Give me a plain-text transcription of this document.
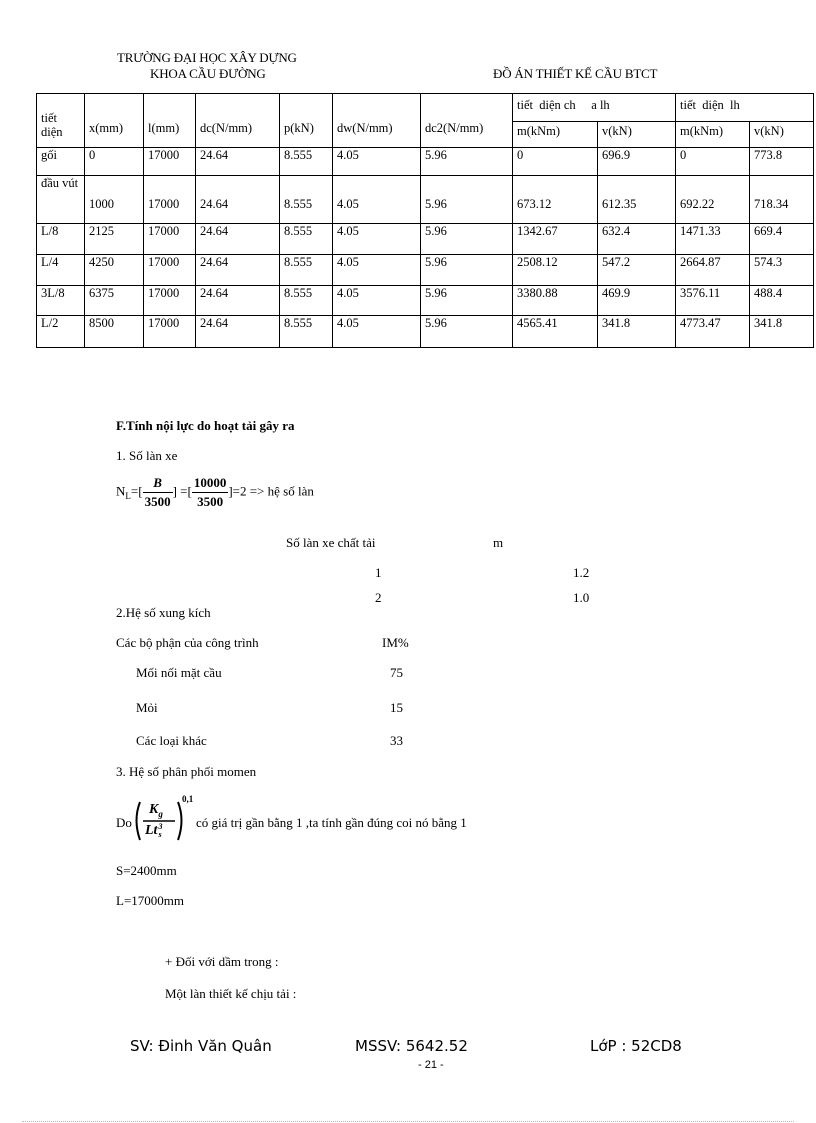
TRƯỜNG ĐẠI HỌC XÂY DỰNG
KHOA CẦU ĐƯỜNG	ĐỒ ÁN THIẾT KẾ CẦU BTCT
tiết diện	x(mm)	l(mm)	dc(N/mm)	p(kN)	dw(N/mm)	dc2(N/mm)	tiết  diện ch     a lh		tiết  diện  lh	
							m(kNm)	v(kN)	m(kNm)	v(kN)
gối	0	17000	24.64	8.555	4.05	5.96	0	696.9	0	773.8
đầu vút	1000	17000	24.64	8.555	4.05	5.96	673.12	612.35	692.22	718.34
L/8	2125	17000	24.64	8.555	4.05	5.96	1342.67	632.4	1471.33	669.4
L/4	4250	17000	24.64	8.555	4.05	5.96	2508.12	547.2	2664.87	574.3
3L/8	6375	17000	24.64	8.555	4.05	5.96	3380.88	469.9	3576.11	488.4
L/2	8500	17000	24.64	8.555	4.05	5.96	4565.41	341.8	4773.47	341.8
F.Tính nội lực do hoạt tải gây ra
1. Số làn xe
$N_L=[ \frac{B}{3500}$ ] =[ $\frac{10000}{3500} ]=2$ => hệ số làn
Số làn xe chất tải	m
1	1.2
2	1.0
2.Hệ số xung kích
Các bộ phận của công trình	IM%
Mối nối mặt cầu	75
Mỏi	15
Các loại khác	33
3. Hệ số phân phối momen
Do
$K_g$
Lt 3
s
0,1
có giá trị gần bằng 1 ,ta tính gần đúng coi nó bằng 1
S=2400mm
L=17000mm
+ Đối với dầm trong :
Một làn thiết kế chịu tải :
SV: Đinh Văn Quân	MSSV: 5642.52	LớP : 52CD8
- 21 -
